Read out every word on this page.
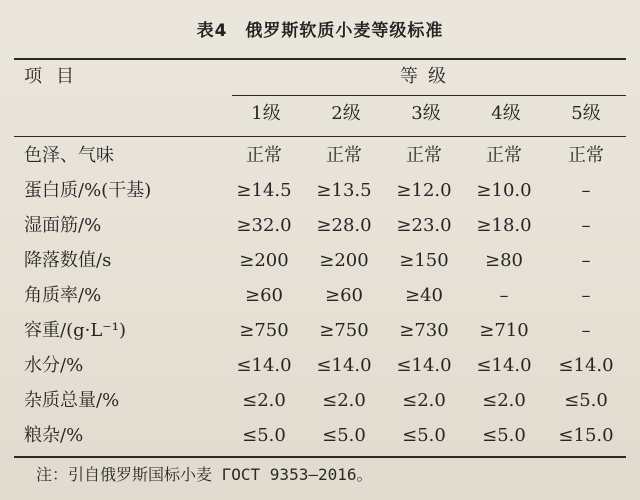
表4　俄罗斯软质小麦等级标准
项目	等级
1级	2级	3级	4级	5级
色泽、气味	正常	正常	正常	正常	正常
蛋白质/%(干基)	≥14.5	≥13.5	≥12.0	≥10.0	–
湿面筋/%	≥32.0	≥28.0	≥23.0	≥18.0	–
降落数值/s	≥200	≥200	≥150	≥80	–
角质率/%	≥60	≥60	≥40	–	–
容重/(g·L⁻¹)	≥750	≥750	≥730	≥710	–
水分/%	≤14.0	≤14.0	≤14.0	≤14.0	≤14.0
杂质总量/%	≤2.0	≤2.0	≤2.0	≤2.0	≤5.0
粮杂/%	≤5.0	≤5.0	≤5.0	≤5.0	≤15.0
注：引自俄罗斯国标小麦 ГОСТ 9353—2016。
